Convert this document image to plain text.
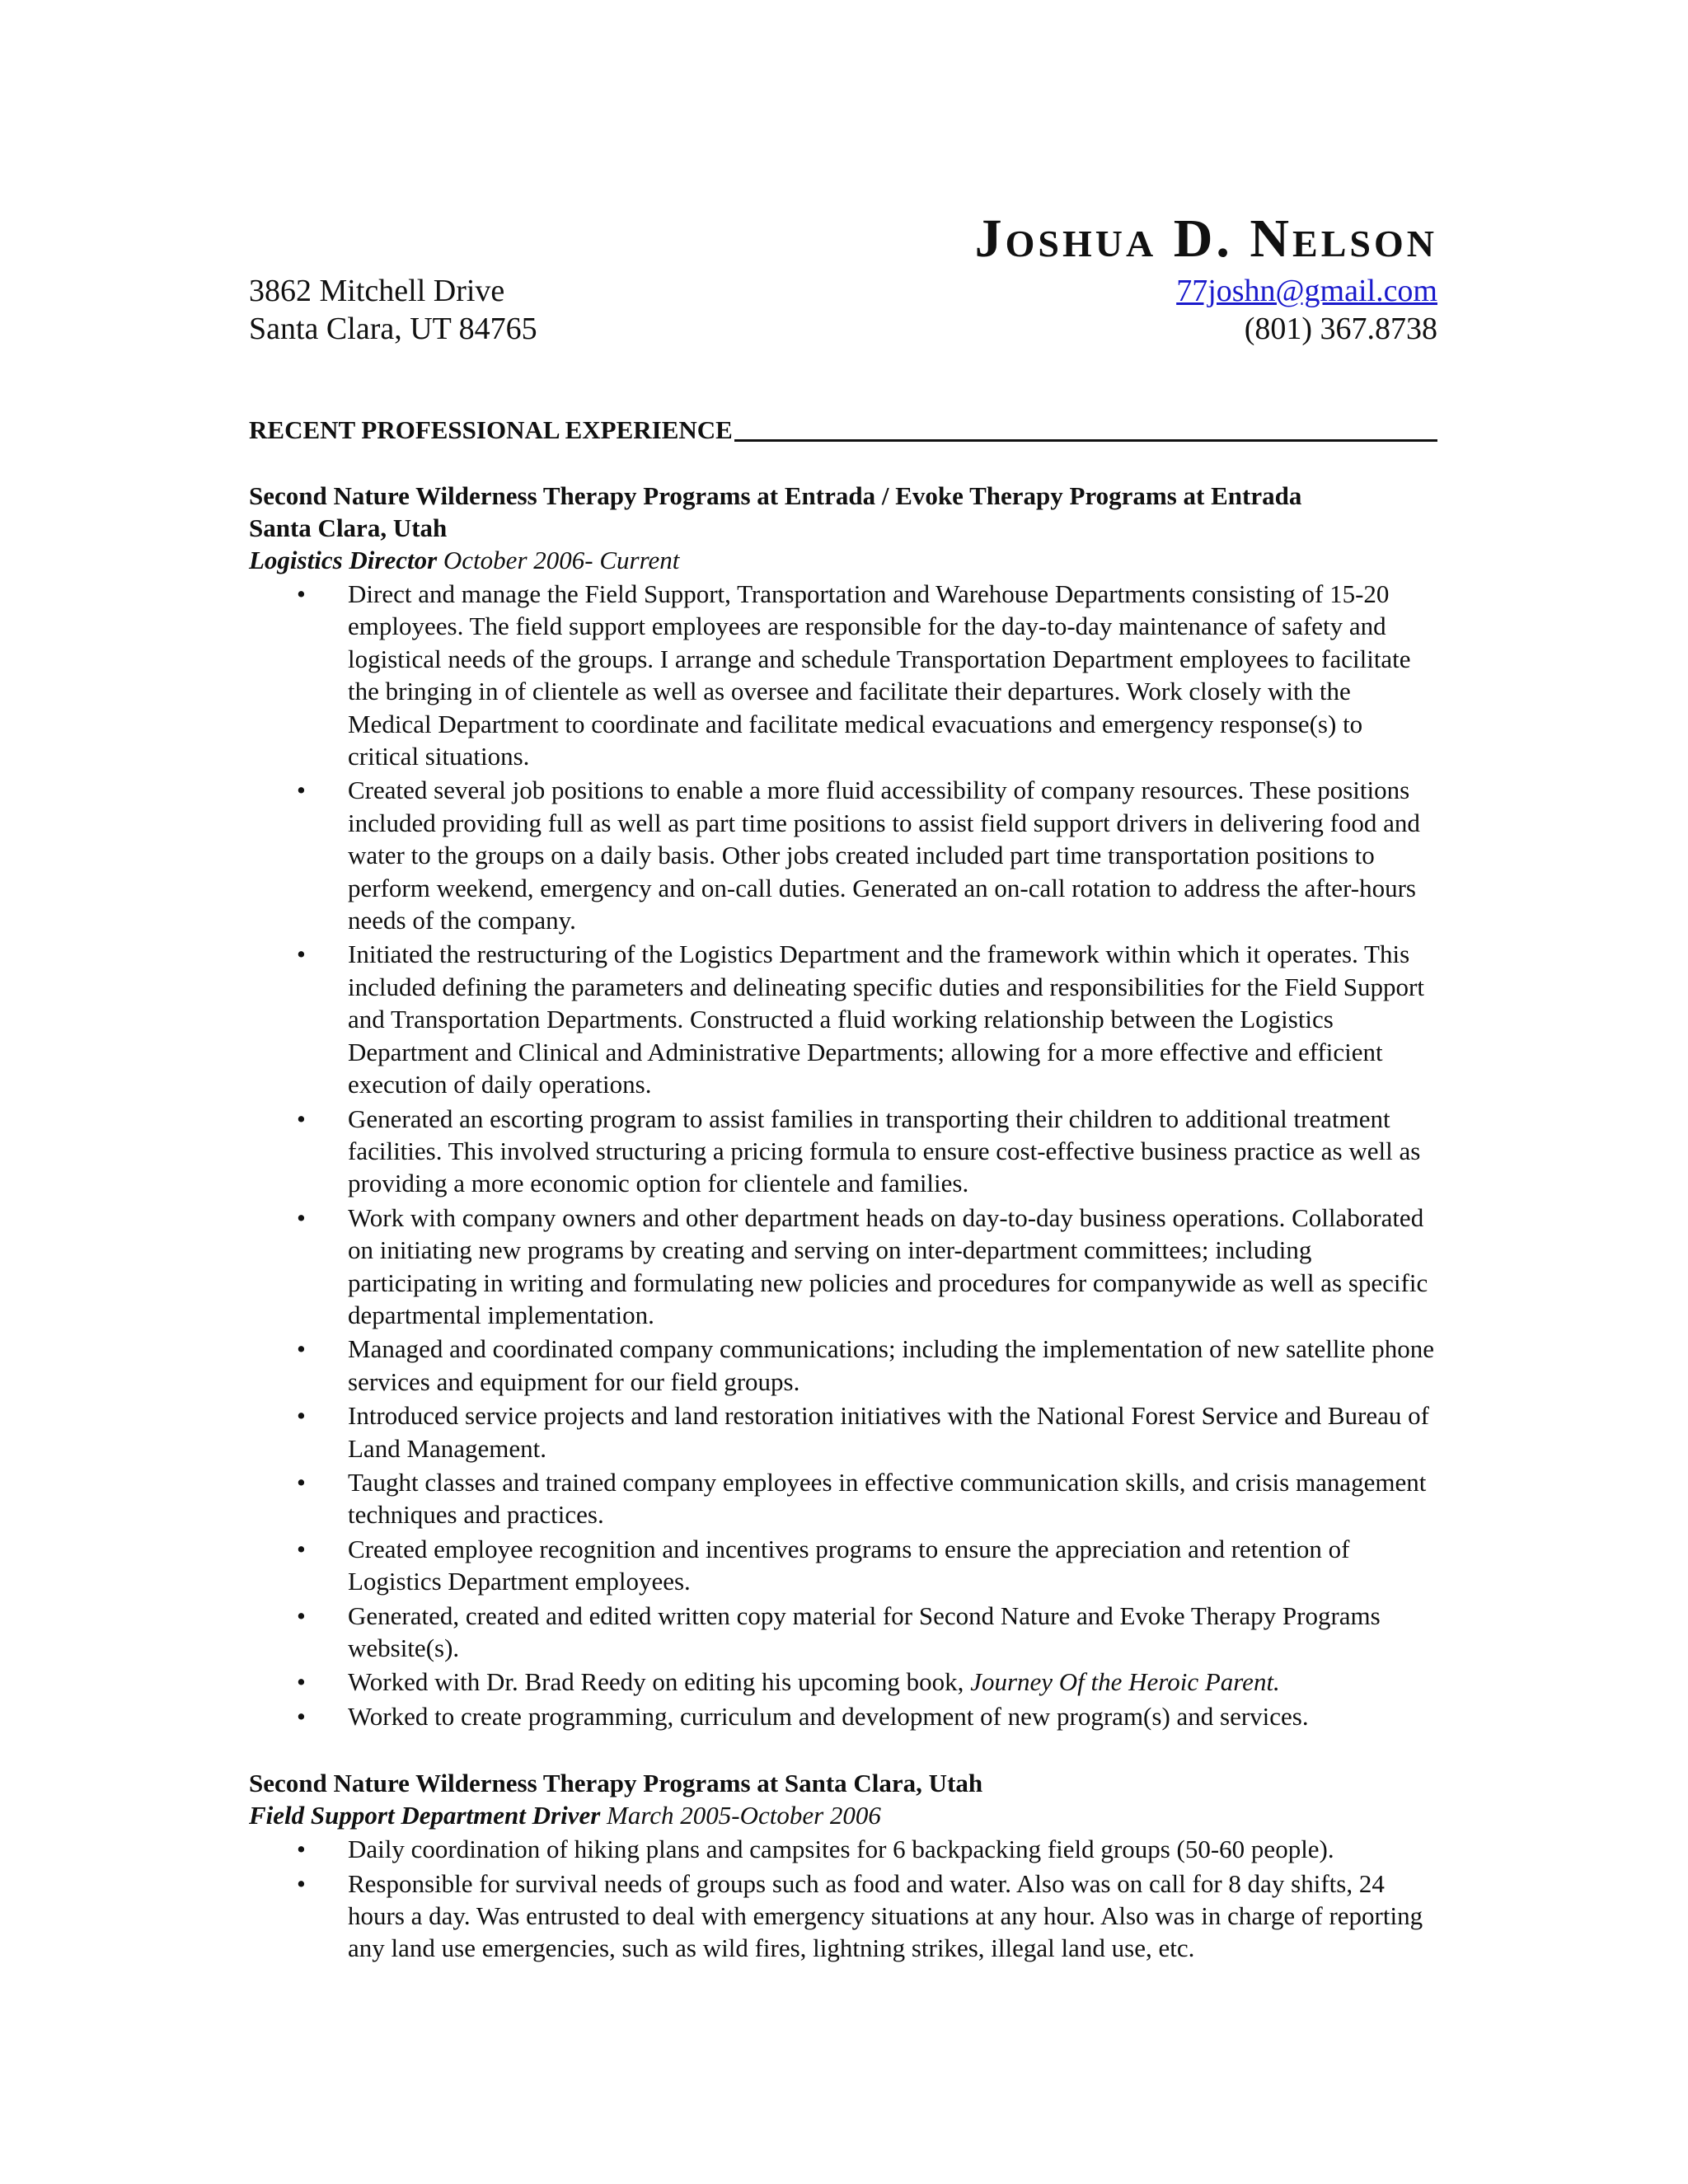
Joshua D. Nelson
3862 Mitchell Drive	77joshn@gmail.com
Santa Clara, UT 84765	(801) 367.8738
RECENT PROFESSIONAL EXPERIENCE
Second Nature Wilderness Therapy Programs at Entrada / Evoke Therapy Programs at Entrada
Santa Clara, Utah
Logistics Director October 2006- Current
• Direct and manage the Field Support, Transportation and Warehouse Departments consisting of 15-20 employees. The field support employees are responsible for the day-to-day maintenance of safety and logistical needs of the groups. I arrange and schedule Transportation Department employees to facilitate the bringing in of clientele as well as oversee and facilitate their departures. Work closely with the Medical Department to coordinate and facilitate medical evacuations and emergency response(s) to critical situations.
• Created several job positions to enable a more fluid accessibility of company resources. These positions included providing full as well as part time positions to assist field support drivers in delivering food and water to the groups on a daily basis. Other jobs created included part time transportation positions to perform weekend, emergency and on-call duties. Generated an on-call rotation to address the after-hours needs of the company.
• Initiated the restructuring of the Logistics Department and the framework within which it operates. This included defining the parameters and delineating specific duties and responsibilities for the Field Support and Transportation Departments. Constructed a fluid working relationship between the Logistics Department and Clinical and Administrative Departments; allowing for a more effective and efficient execution of daily operations.
• Generated an escorting program to assist families in transporting their children to additional treatment facilities. This involved structuring a pricing formula to ensure cost-effective business practice as well as providing a more economic option for clientele and families.
• Work with company owners and other department heads on day-to-day business operations. Collaborated on initiating new programs by creating and serving on inter-department committees; including participating in writing and formulating new policies and procedures for companywide as well as specific departmental implementation.
• Managed and coordinated company communications; including the implementation of new satellite phone services and equipment for our field groups.
• Introduced service projects and land restoration initiatives with the National Forest Service and Bureau of Land Management.
• Taught classes and trained company employees in effective communication skills, and crisis management techniques and practices.
• Created employee recognition and incentives programs to ensure the appreciation and retention of Logistics Department employees.
• Generated, created and edited written copy material for Second Nature and Evoke Therapy Programs website(s).
• Worked with Dr. Brad Reedy on editing his upcoming book, Journey Of the Heroic Parent.
• Worked to create programming, curriculum and development of new program(s) and services.
Second Nature Wilderness Therapy Programs at Santa Clara, Utah
Field Support Department Driver March 2005-October 2006
• Daily coordination of hiking plans and campsites for 6 backpacking field groups (50-60 people).
• Responsible for survival needs of groups such as food and water. Also was on call for 8 day shifts, 24 hours a day. Was entrusted to deal with emergency situations at any hour. Also was in charge of reporting any land use emergencies, such as wild fires, lightning strikes, illegal land use, etc.
